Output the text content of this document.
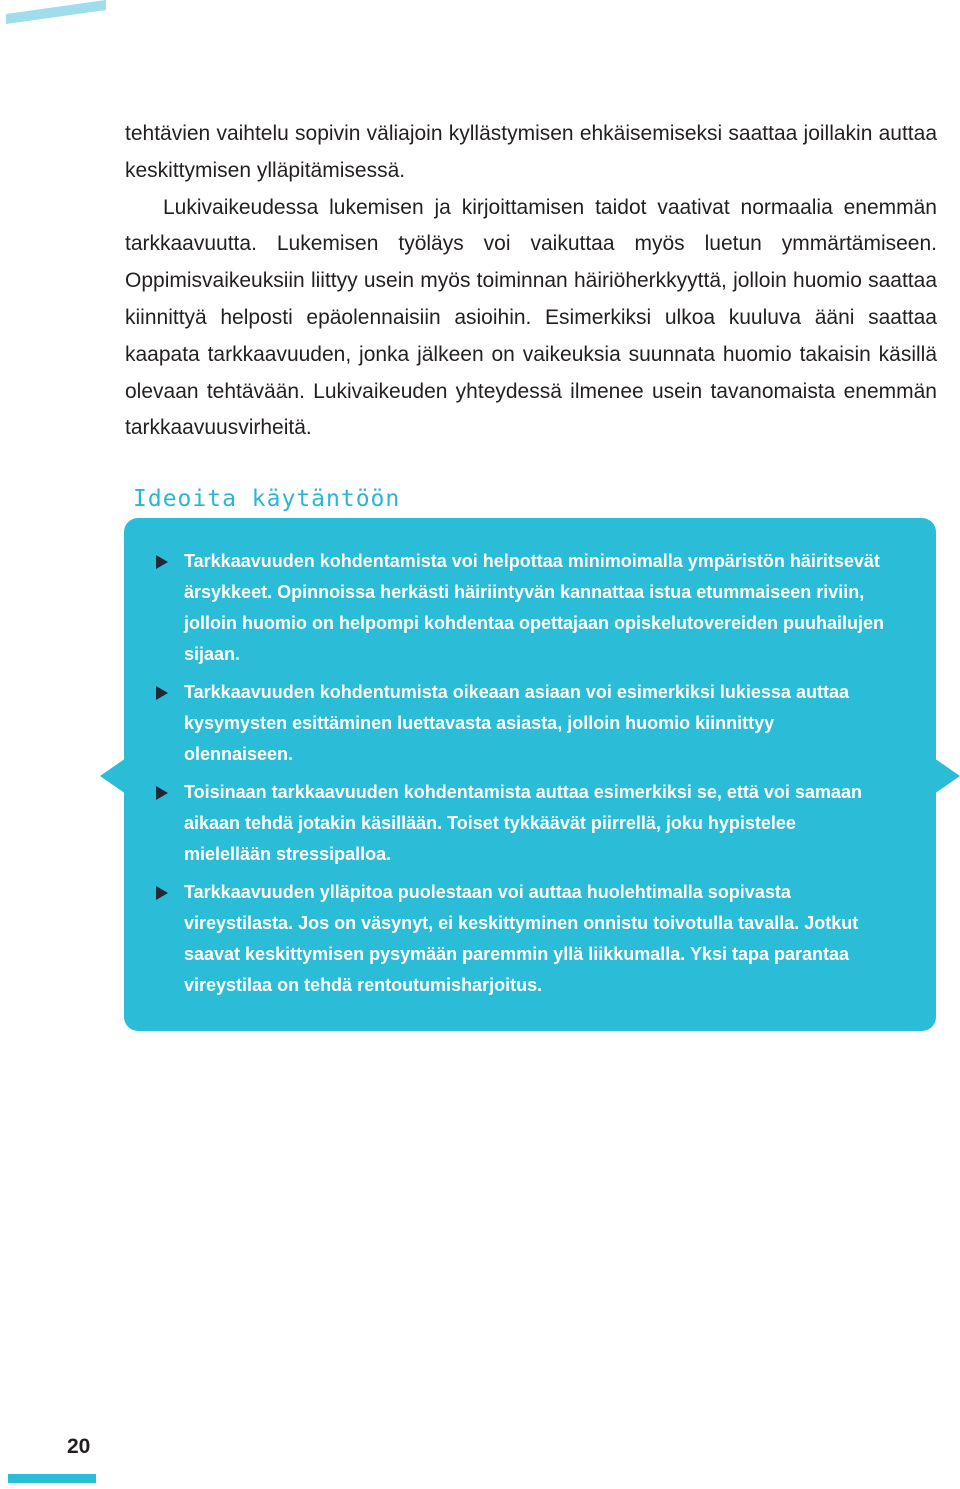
tehtävien vaihtelu sopivin väliajoin kyllästymisen ehkäisemiseksi saattaa joillakin auttaa keskittymisen ylläpitämisessä.

Lukivaikeudessa lukemisen ja kirjoittamisen taidot vaativat normaalia enemmän tarkkaavuutta. Lukemisen työläys voi vaikuttaa myös luetun ymmärtämiseen. Oppimisvaikeuksiin liittyy usein myös toiminnan häiriöherkkyyttä, jolloin huomio saattaa kiinnittyä helposti epäolennaisiin asioihin. Esimerkiksi ulkoa kuuluva ääni saattaa kaapata tarkkaavuuden, jonka jälkeen on vaikeuksia suunnata huomio takaisin käsillä olevaan tehtävään. Lukivaikeuden yhteydessä ilmenee usein tavanomaista enemmän tarkkaavuusvirheitä.

Ideoita käytäntöön
Tarkkaavuuden kohdentamista voi helpottaa minimoimalla ympäristön häiritsevät ärsykkeet. Opinnoissa herkästi häiriintyvän kannattaa istua etummaiseen riviin, jolloin huomio on helpompi kohdentaa opettajaan opiskelutovereiden puuhailujen sijaan.
Tarkkaavuuden kohdentumista oikeaan asiaan voi esimerkiksi lukiessa auttaa kysymysten esittäminen luettavasta asiasta, jolloin huomio kiinnittyy olennaiseen.
Toisinaan tarkkaavuuden kohdentamista auttaa esimerkiksi se, että voi samaan aikaan tehdä jotakin käsillään. Toiset tykkäävät piirrellä, joku hypistelee mielellään stressipalloa.
Tarkkaavuuden ylläpitoa puolestaan voi auttaa huolehtimalla sopivasta vireystilasta. Jos on väsynyt, ei keskittyminen onnistu toivotulla tavalla. Jotkut saavat keskittymisen pysymään paremmin yllä liikkumalla. Yksi tapa parantaa vireystilaa on tehdä rentoutumisharjoitus.
20
